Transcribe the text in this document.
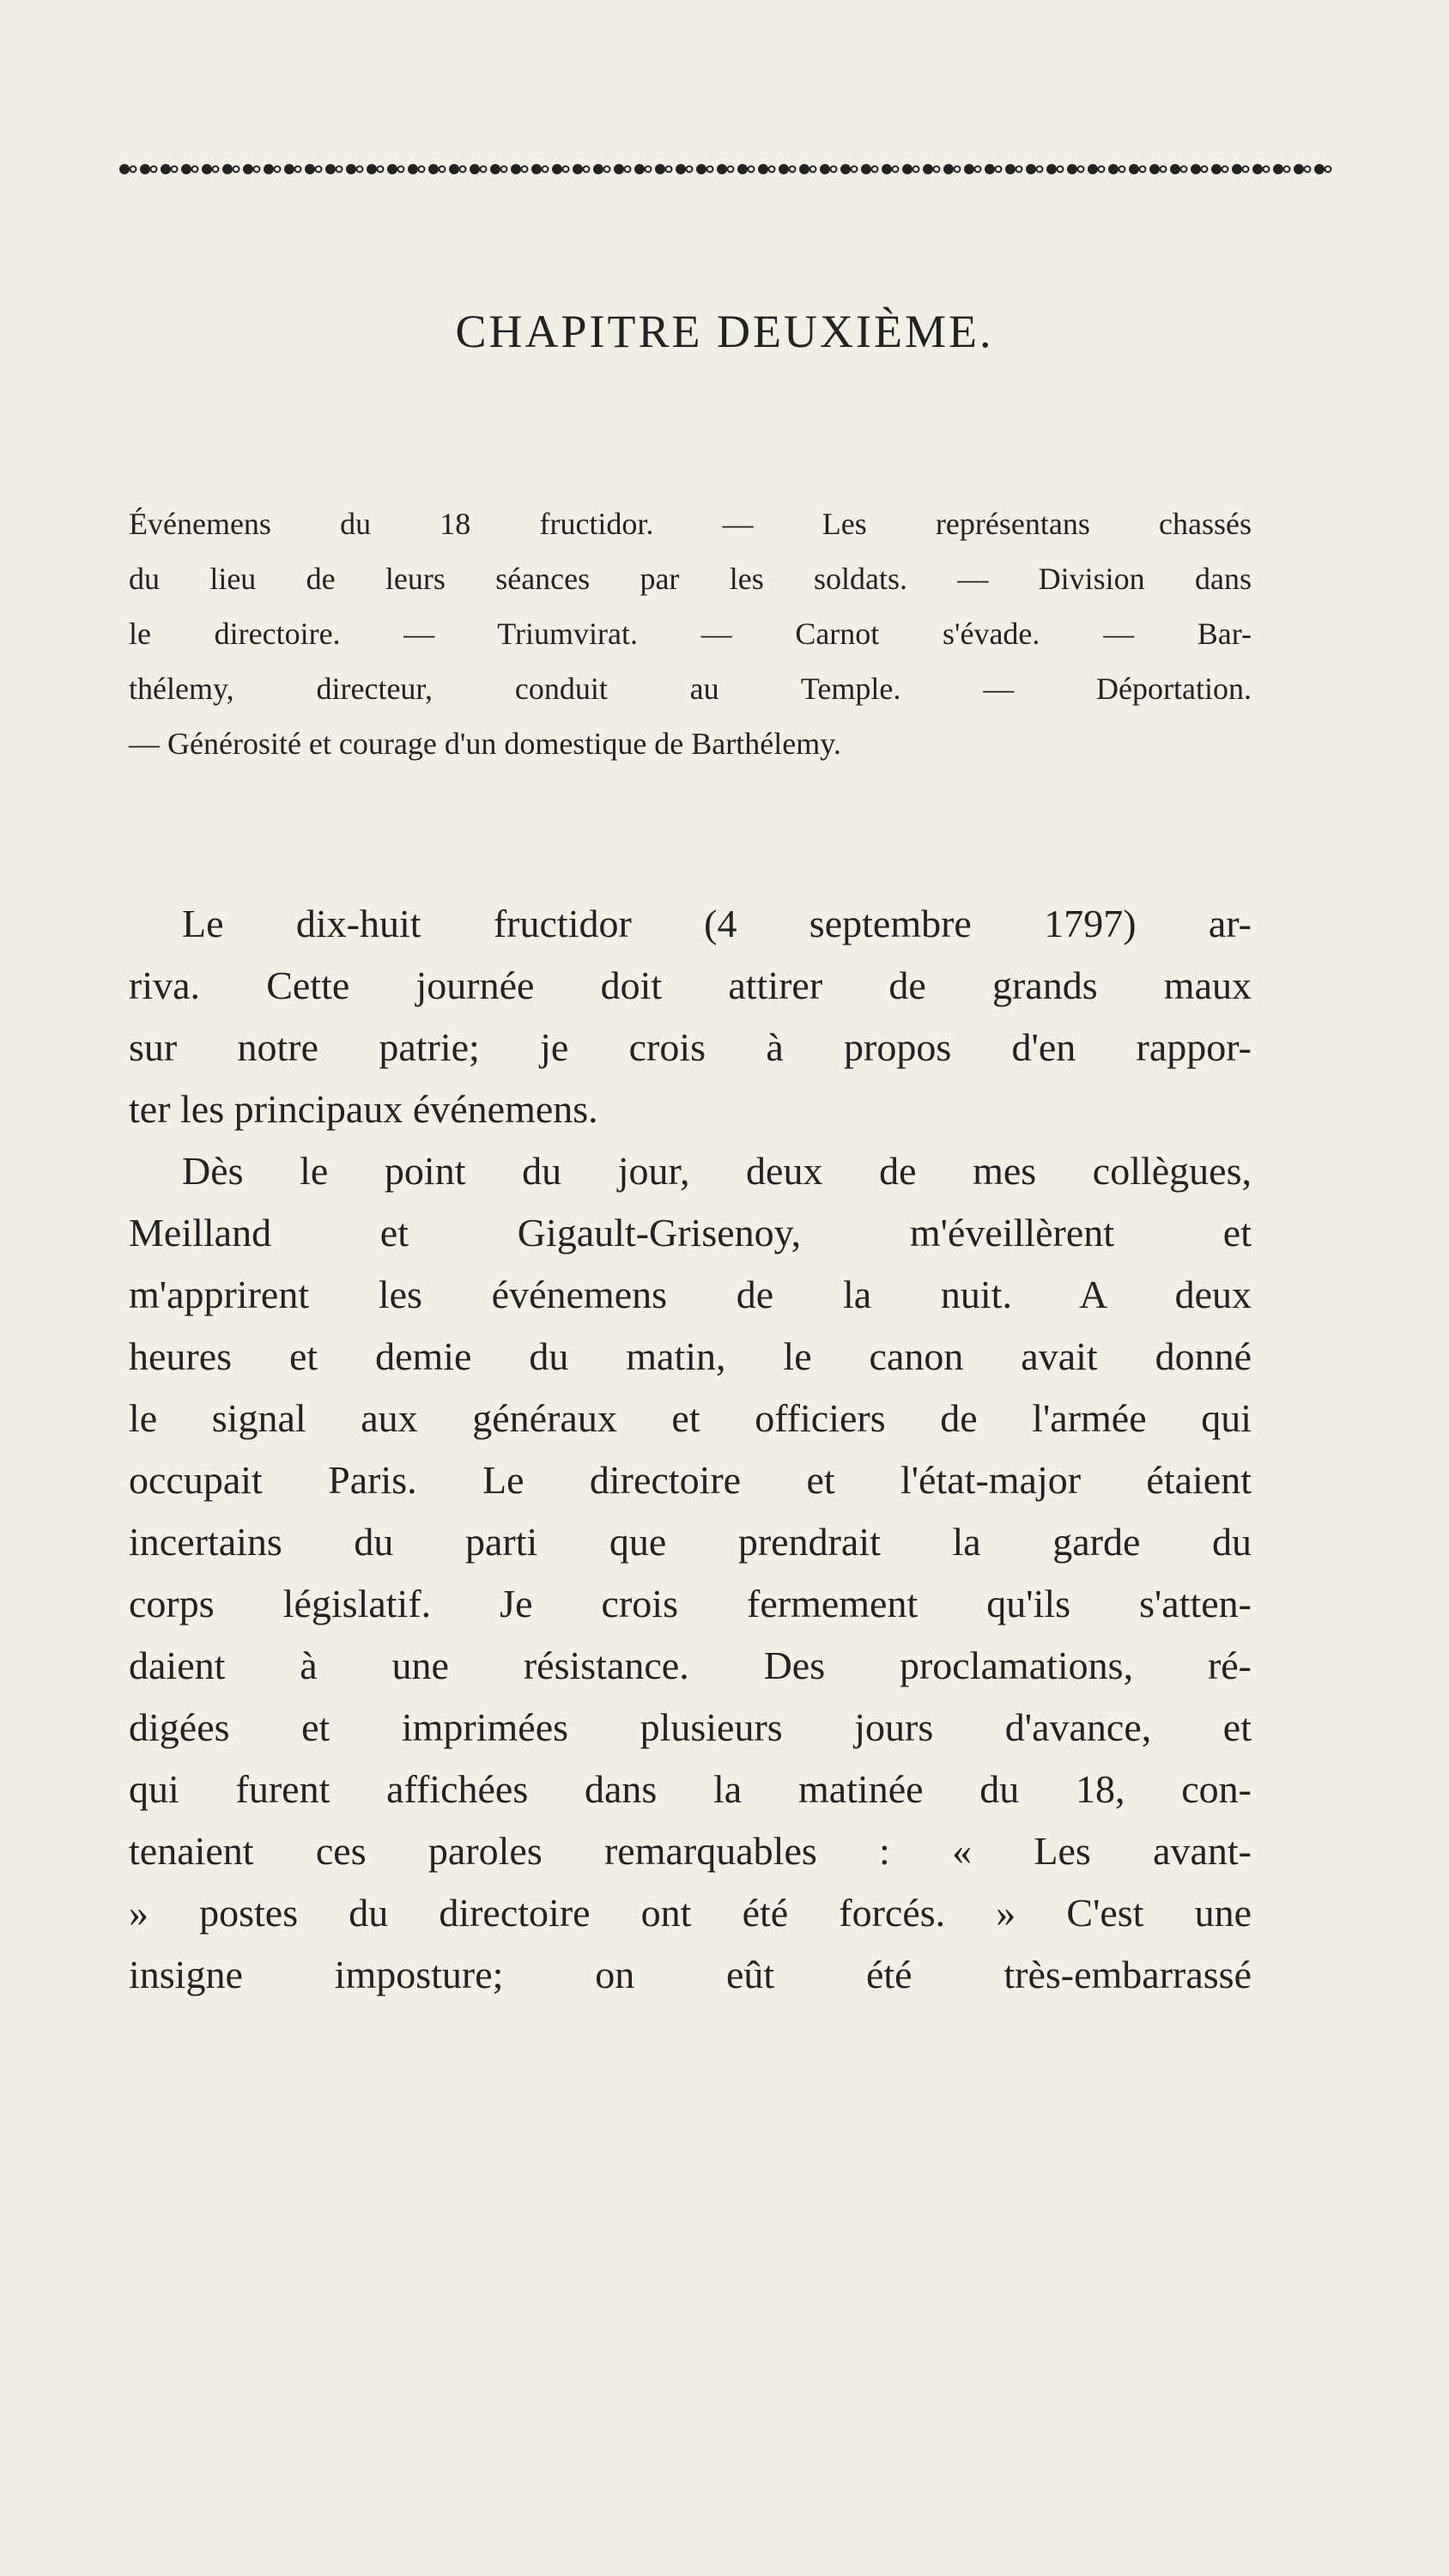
CHAPITRE DEUXIÈME.
Événemens du 18 fructidor. — Les représentans chassés
du lieu de leurs séances par les soldats. — Division dans
le directoire. — Triumvirat. — Carnot s'évade. — Bar-
thélemy, directeur, conduit au Temple. — Déportation.
— Générosité et courage d'un domestique de Barthélemy.

Le dix-huit fructidor (4 septembre 1797) ar-
riva. Cette journée doit attirer de grands maux
sur notre patrie; je crois à propos d'en rappor-
ter les principaux événemens.

Dès le point du jour, deux de mes collègues,
Meilland et Gigault-Grisenoy, m'éveillèrent et
m'apprirent les événemens de la nuit. A deux
heures et demie du matin, le canon avait donné
le signal aux généraux et officiers de l'armée qui
occupait Paris. Le directoire et l'état-major étaient
incertains du parti que prendrait la garde du
corps législatif. Je crois fermement qu'ils s'atten-
daient à une résistance. Des proclamations, ré-
digées et imprimées plusieurs jours d'avance, et
qui furent affichées dans la matinée du 18, con-
tenaient ces paroles remarquables : « Les avant-
» postes du directoire ont été forcés. » C'est une
insigne imposture; on eût été très-embarrassé
